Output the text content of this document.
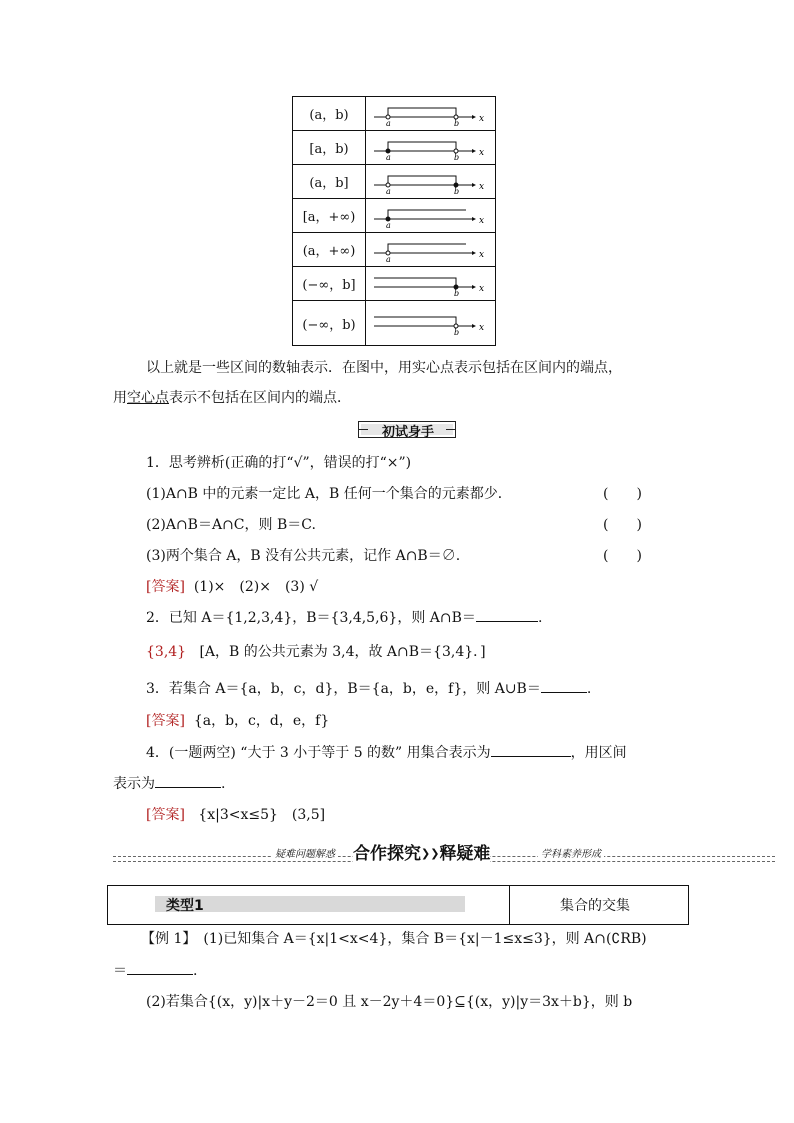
(a，b)	x
a b

[a，b)	x
a b

(a，b]	x
a b

[a，+∞)	x
a

(a，+∞)	x
a

(−∞，b]	x
b

(−∞，b)	x
b
以上就是一些区间的数轴表示．在图中，用实心点表示包括在区间内的端点，
用空心点表示不包括在区间内的端点．
初试身手
1．思考辨析(正确的打“√”，错误的打“×”)
(1)A∩B 中的元素一定比 A，B 任何一个集合的元素都少．	(　　)
(2)A∩B＝A∩C，则 B＝C.	(　　)
(3)两个集合 A，B 没有公共元素，记作 A∩B＝∅.	(　　)
[答案] (1)×　(2)×　(3) √
2．已知 A＝{1,2,3,4}，B＝{3,4,5,6}，则 A∩B＝	.
{3,4} [A，B 的公共元素为 3,4，故 A∩B＝{3,4}．]
3．若集合 A＝{a，b，c，d}，B＝{a，b，e，f}，则 A∪B＝	.
[答案] {a，b，c，d，e，f}
4．(一题两空) “大于 3 小于等于 5 的数” 用集合表示为	，用区间
表示为	.
[答案] {x|3<x≤5}　(3,5]
疑难问题解惑 合作探究❯❯释疑难	学科素养形成
类型1	集合的交集
【例 1】　(1)已知集合 A＝{x|1<x<4}，集合 B＝{x|－1≤x≤3}，则 A∩(∁RB)
＝	.
(2)若集合{(x，y)|x＋y－2＝0 且 x－2y＋4＝0}⊆{(x，y)|y＝3x＋b}，则 b
